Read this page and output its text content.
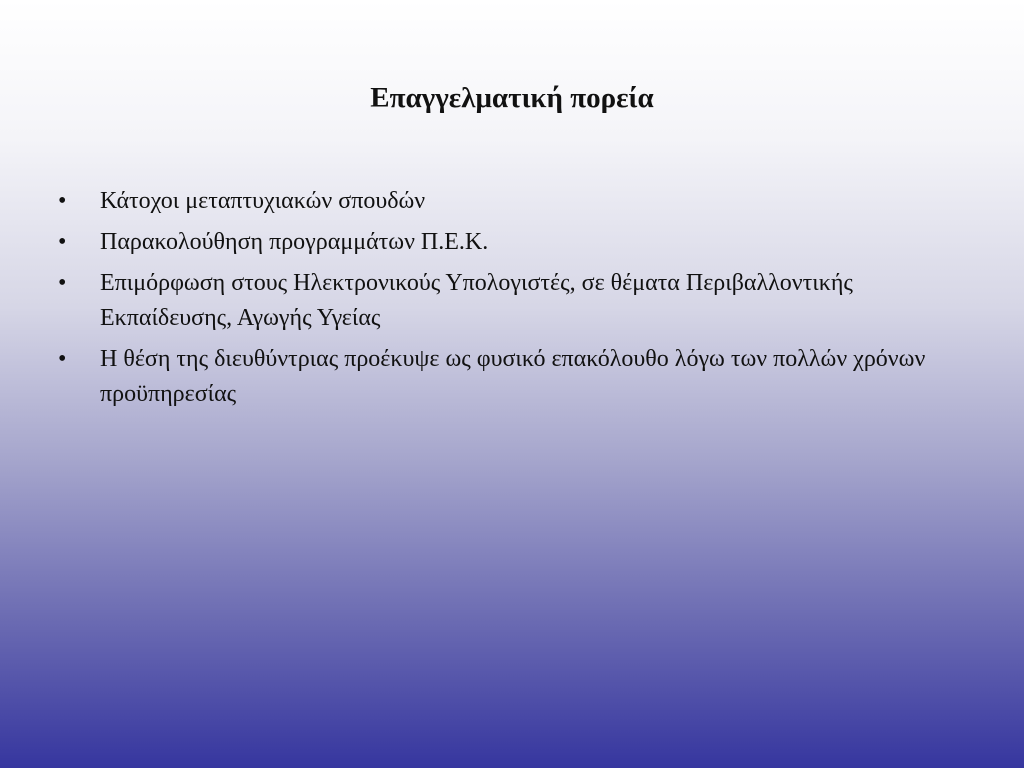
Επαγγελματική πορεία
•	Κάτοχοι μεταπτυχιακών σπουδών
•	Παρακολούθηση προγραμμάτων Π.Ε.Κ.
•	Επιμόρφωση στους Ηλεκτρονικούς Υπολογιστές, σε θέματα Περιβαλλοντικής Εκπαίδευσης, Αγωγής Υγείας
•	Η θέση της διευθύντριας προέκυψε ως φυσικό επακόλουθο λόγω των πολλών χρόνων προϋπηρεσίας
